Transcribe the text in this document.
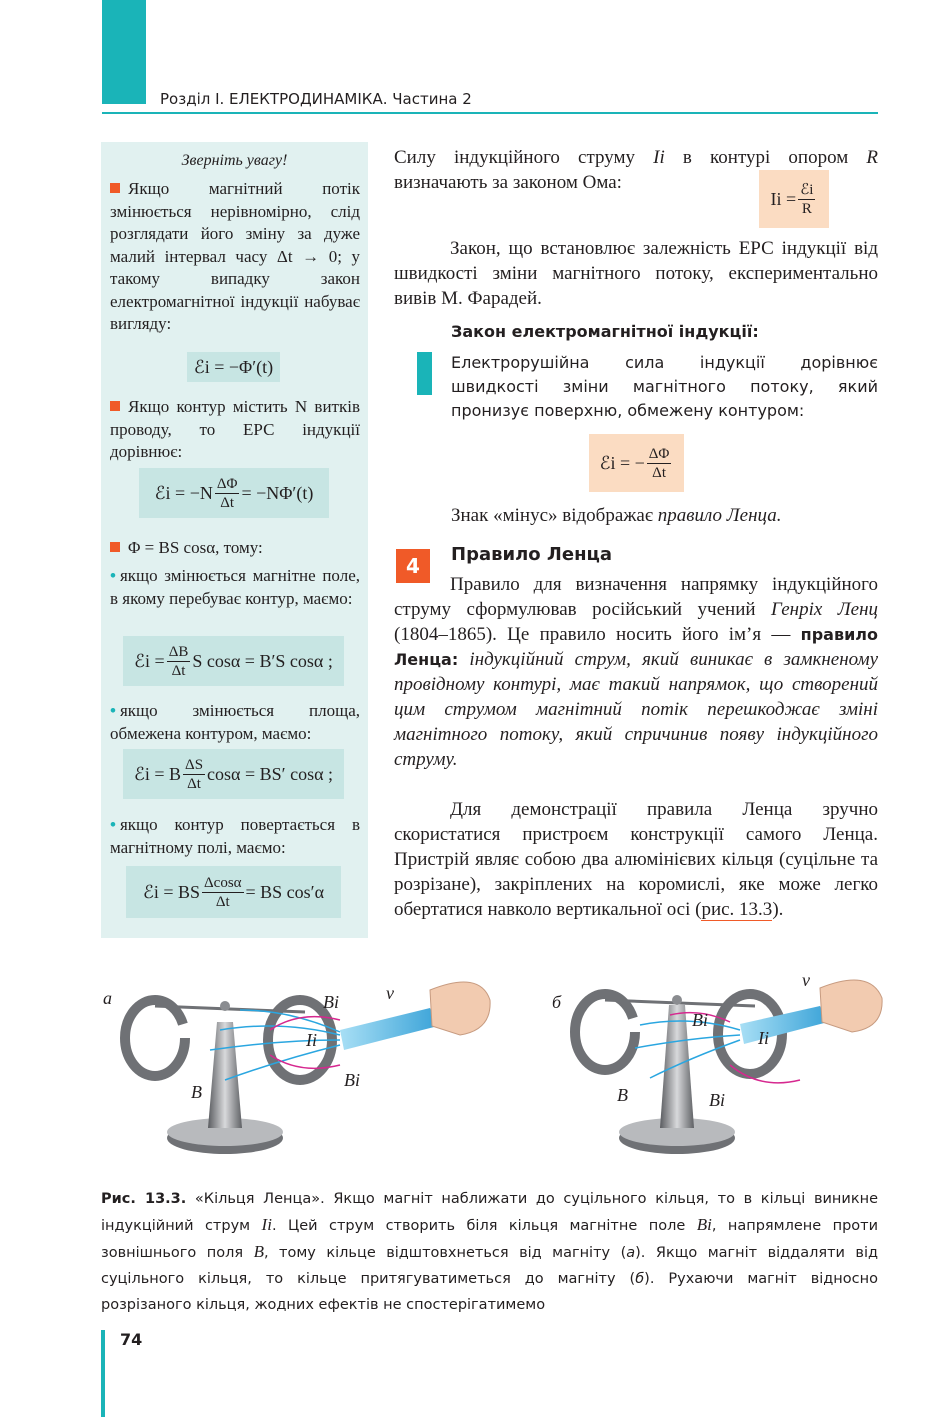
Розділ I. ЕЛЕКТРОДИНАМІКА. Частина 2
Зверніть увагу!
Якщо магнітний потік змінюється нерівномірно, слід розглядати його зміну за дуже малий інтервал часу Δt → 0; у такому випадку закон електромагнітної індукції набуває вигляду:
ℰi = −Φ′(t)
Якщо контур містить N витків проводу, то ЕРС індукції дорівнює:
ℰi = $-N \frac{\Delta\Phi}{\Delta t} = -N\Phi'(t)$
Φ = BS cosα, тому:
• якщо змінюється магнітне поле, в якому перебуває контур, маємо:
ℰi = $\frac{\Delta B}{\Delta t}$ S cosα = B′S cosα ;
• якщо змінюється площа, обмежена контуром, маємо:
ℰi = B $\frac{\Delta S}{\Delta t}$ cosα = BS′ cosα ;
• якщо контур повертається в магнітному полі, маємо:
ℰi = BS $\frac{\Delta\cos\alpha}{\Delta t}$ = BS cos′α
Силу індукційного струму Ii в контурі опором R визначають за законом Ома:
$Ii = \frac{\text{ℰi}}{R}$
Закон, що встановлює залежність ЕРС індукції від швидкості зміни магнітного потоку, експериментально вивів М. Фарадей.
Закон електромагнітної індукції:
Електрорушійна сила індукції дорівнює швидкості зміни магнітного потоку, який пронизує поверхню, обмежену контуром:
ℰi = − $\frac{\Delta\Phi}{\Delta t}$
Знак «мінус» відображає правило Ленца.
4	Правило Ленца
Правило для визначення напрямку індукційного струму сформулював російський учений Генріх Ленц (1804–1865). Це правило носить його ім’я — правило Ленца: індукційний струм, який виникає в замкненому провідному контурі, має такий напрямок, що створений цим струмом магнітний потік перешкоджає зміні магнітного потоку, який спричинив появу індукційного струму.
Для демонстрації правила Ленца зручно скористатися пристроєм конструкції самого Ленца. Пристрій являє собою два алюмінієвих кільця (суцільне та розрізане), закріплених на коромислі, яке може легко обертатися навколо вертикальної осі (рис. 13.3).
а	б
Bi	v
Ii
Bi
B
v
Bi
Ii
B	Bi
Рис. 13.3. «Кільця Ленца». Якщо магніт наближати до суцільного кільця, то в кільці виникне індукційний струм Ii. Цей струм створить біля кільця магнітне поле Bi, напрямлене проти зовнішнього поля B, тому кільце відштовхнеться від магніту (а). Якщо магніт віддаляти від суцільного кільця, то кільце притягуватиметься до магніту (б). Рухаючи магніт відносно розрізаного кільця, жодних ефектів не спостерігатимемо
74
